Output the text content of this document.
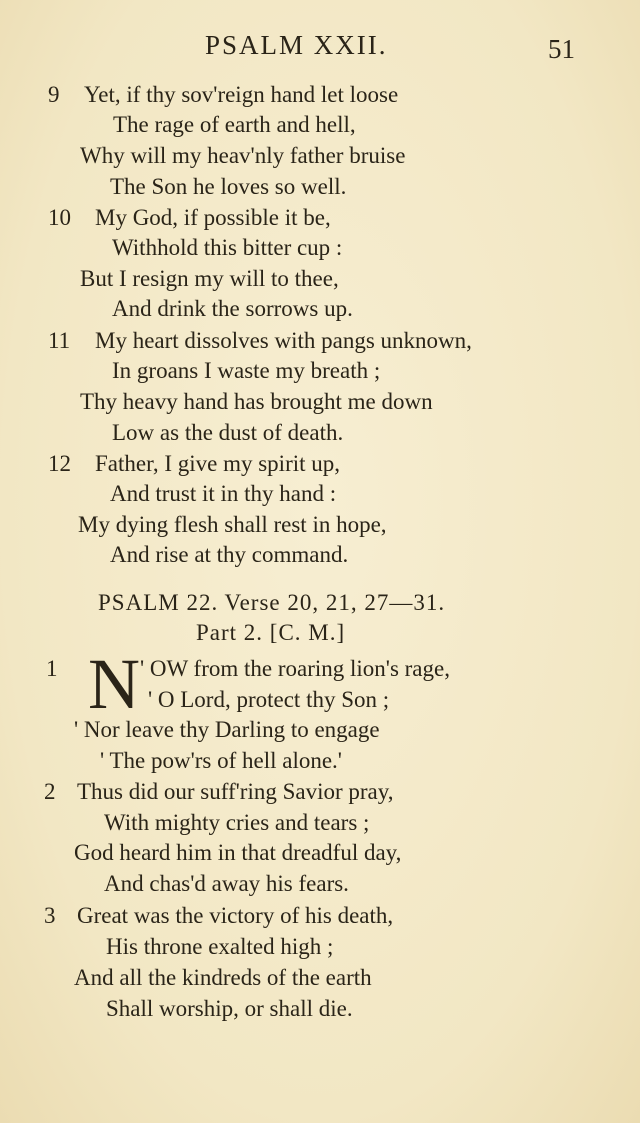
PSALM XXII.	51
9 Yet, if thy sov'reign hand let loose
The rage of earth and hell,
Why will my heav'nly father bruise
The Son he loves so well.
10 My God, if possible it be,
Withhold this bitter cup :
But I resign my will to thee,
And drink the sorrows up.
11 My heart dissolves with pangs unknown,
In groans I waste my breath ;
Thy heavy hand has brought me down
Low as the dust of death.
12 Father, I give my spirit up,
And trust it in thy hand :
My dying flesh shall rest in hope,
And rise at thy command.
PSALM 22. Verse 20, 21, 27—31.
Part 2. [C. M.]
1 N ' OW from the roaring lion's rage,
' O Lord, protect thy Son ;
' Nor leave thy Darling to engage
' The pow'rs of hell alone.'
2 Thus did our suff'ring Savior pray,
With mighty cries and tears ;
God heard him in that dreadful day,
And chas'd away his fears.
3 Great was the victory of his death,
His throne exalted high ;
And all the kindreds of the earth
Shall worship, or shall die.
